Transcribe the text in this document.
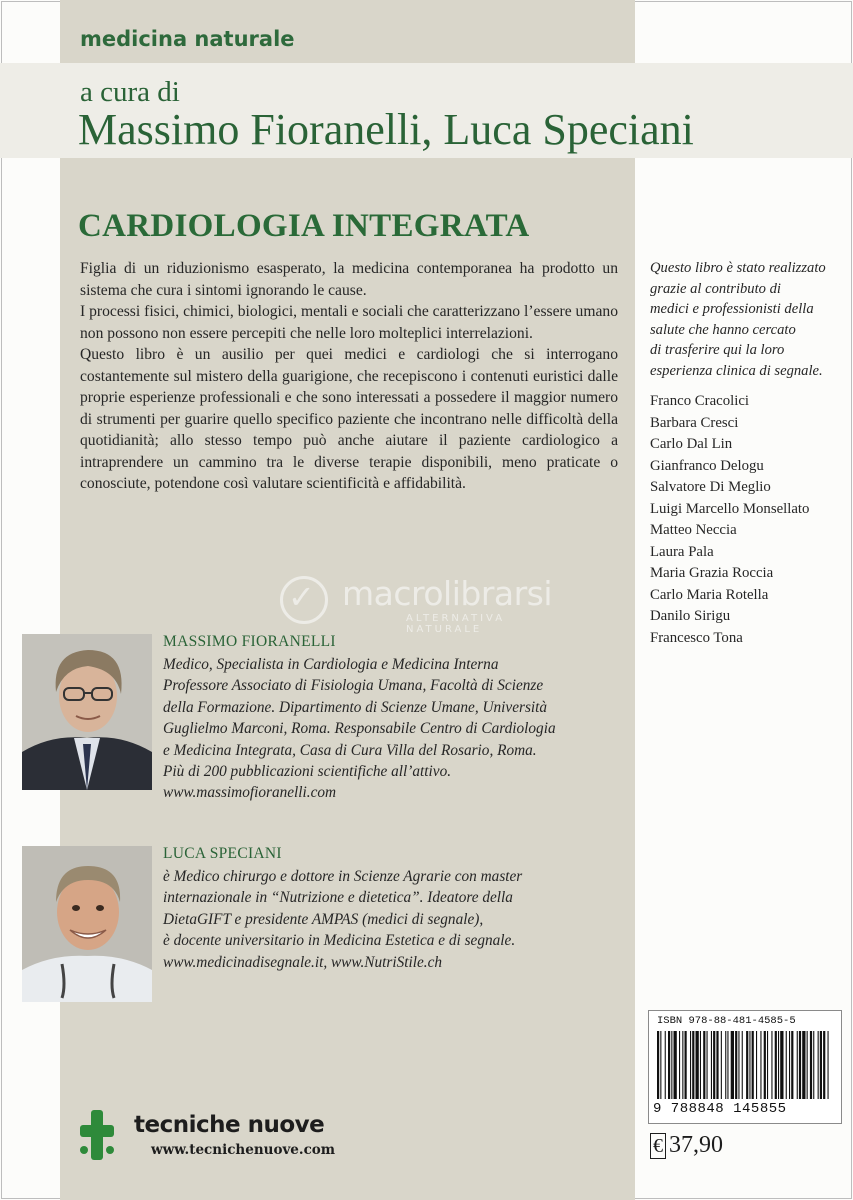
medicina naturale
a cura di
Massimo Fioranelli, Luca Speciani
CARDIOLOGIA INTEGRATA

Figlia di un riduzionismo esasperato, la medicina contemporanea ha prodotto un sistema che cura i sintomi ignorando le cause.

I processi fisici, chimici, biologici, mentali e sociali che caratterizzano l’essere umano non possono non essere percepiti che nelle loro molteplici interrelazioni.

Questo libro è un ausilio per quei medici e cardiologi che si interrogano costantemente sul mistero della guarigione, che recepiscono i contenuti euristici dalle proprie esperienze professionali e che sono interessati a possedere il maggior numero di strumenti per guarire quello specifico paziente che incontrano nelle difficoltà della quotidianità; allo stesso tempo può anche aiutare il paziente cardiologico a intraprendere un cammino tra le diverse terapie disponibili, meno praticate o conosciute, potendone così valutare scientificità e affidabilità.

✓ macrolibrarsi
ALTERNATIVA NATURALE
MASSIMO FIORANELLI
Medico, Specialista in Cardiologia e Medicina Interna
Professore Associato di Fisiologia Umana, Facoltà di Scienze
della Formazione. Dipartimento di Scienze Umane, Università
Guglielmo Marconi, Roma. Responsabile Centro di Cardiologia
e Medicina Integrata, Casa di Cura Villa del Rosario, Roma.
Più di 200 pubblicazioni scientifiche all’attivo.
www.massimofioranelli.com
LUCA SPECIANI
è Medico chirurgo e dottore in Scienze Agrarie con master
internazionale in “Nutrizione e dietetica”. Ideatore della
DietaGIFT e presidente AMPAS (medici di segnale),
è docente universitario in Medicina Estetica e di segnale.
www.medicinadisegnale.it, www.NutriStile.ch
Questo libro è stato realizzato
grazie al contributo di
medici e professionisti della
salute che hanno cercato
di trasferire qui la loro
esperienza clinica di segnale.
Franco Cracolici
Barbara Cresci
Carlo Dal Lin
Gianfranco Delogu
Salvatore Di Meglio
Luigi Marcello Monsellato
Matteo Neccia
Laura Pala
Maria Grazia Roccia
Carlo Maria Rotella
Danilo Sirigu
Francesco Tona
tecniche nuove
www.tecnichenuove.com
ISBN 978-88-481-4585-5
9 788848 145855
€ 37,90
